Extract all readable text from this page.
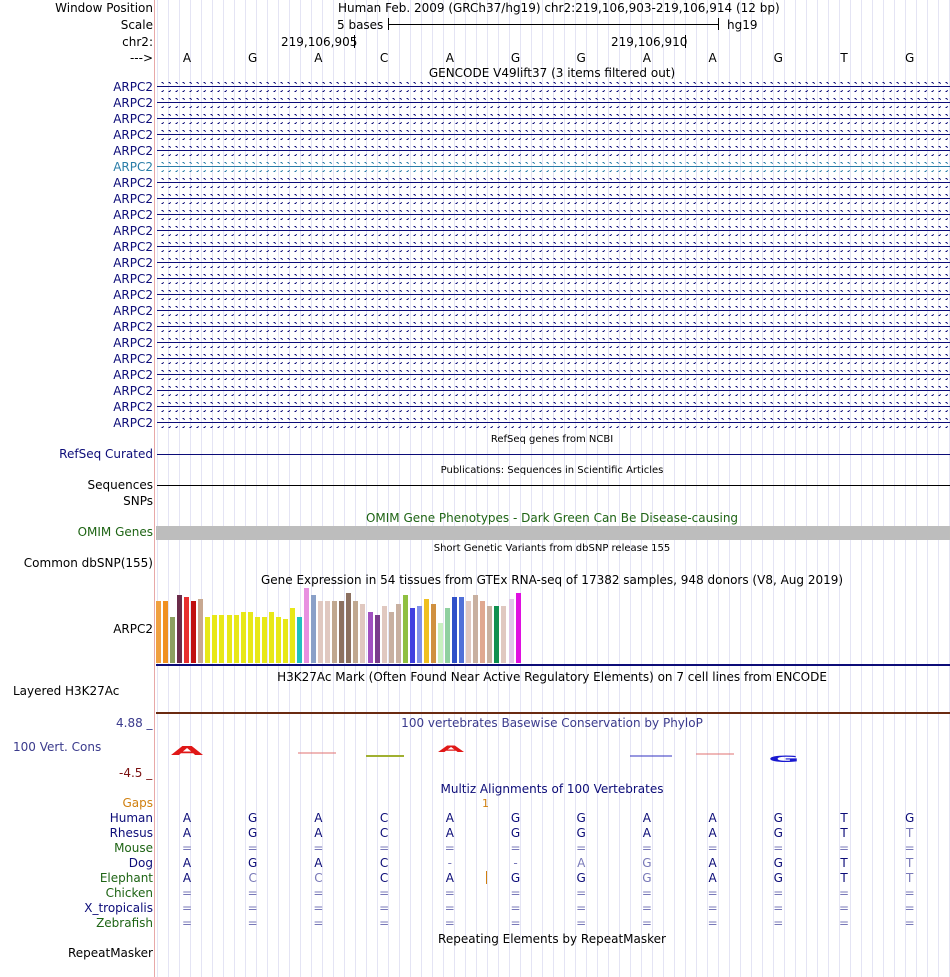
Window Position
Scale
chr2:
--->
Human Feb. 2009 (GRCh37/hg19) chr2:219,106,903-219,106,914 (12 bp)
5 bases	hg19
219,106,905	219,106,910
A	G	A	C	A	G	G	A	A	G	T	G
GENCODE V49lift37 (3 items filtered out)
ARPC2
ARPC2
ARPC2
ARPC2
ARPC2
ARPC2
ARPC2
ARPC2
ARPC2
ARPC2
ARPC2
ARPC2
ARPC2
ARPC2
ARPC2
ARPC2
ARPC2
ARPC2
ARPC2
ARPC2
ARPC2
ARPC2
RefSeq genes from NCBI
RefSeq Curated
Publications: Sequences in Scientific Articles
Sequences
SNPs
OMIM Gene Phenotypes - Dark Green Can Be Disease-causing
OMIM Genes
Short Genetic Variants from dbSNP release 155
Common dbSNP(155)
Gene Expression in 54 tissues from GTEx RNA-seq of 17382 samples, 948 donors (V8, Aug 2019)
ARPC2
H3K27Ac Mark (Often Found Near Active Regulatory Elements) on 7 cell lines from ENCODE
Layered H3K27Ac
100 vertebrates Basewise Conservation by PhyloP
4.88 _
100 Vert. Cons
-4.5 _
A	A
G
Multiz Alignments of 100 Vertebrates
Gaps	1
Human	A	G	A	C	A	G	G	A	A	G	T	G
Rhesus	A	G	A	C	A	G	G	A	A	G	T	T
Mouse	=	=	=	=	=	=	=	=	=	=	=	=
Dog	A	G	A	C	-	-	A	G	A	G	T	T
Elephant	A	C	C	C	A	G	G	G	A	G	T	T
Chicken	=	=	=	=	=	=	=	=	=	=	=	=
X_tropicalis	=	=	=	=	=	=	=	=	=	=	=	=
Zebrafish	=	=	=	=	=	=	=	=	=	=	=	=
Repeating Elements by RepeatMasker
RepeatMasker
